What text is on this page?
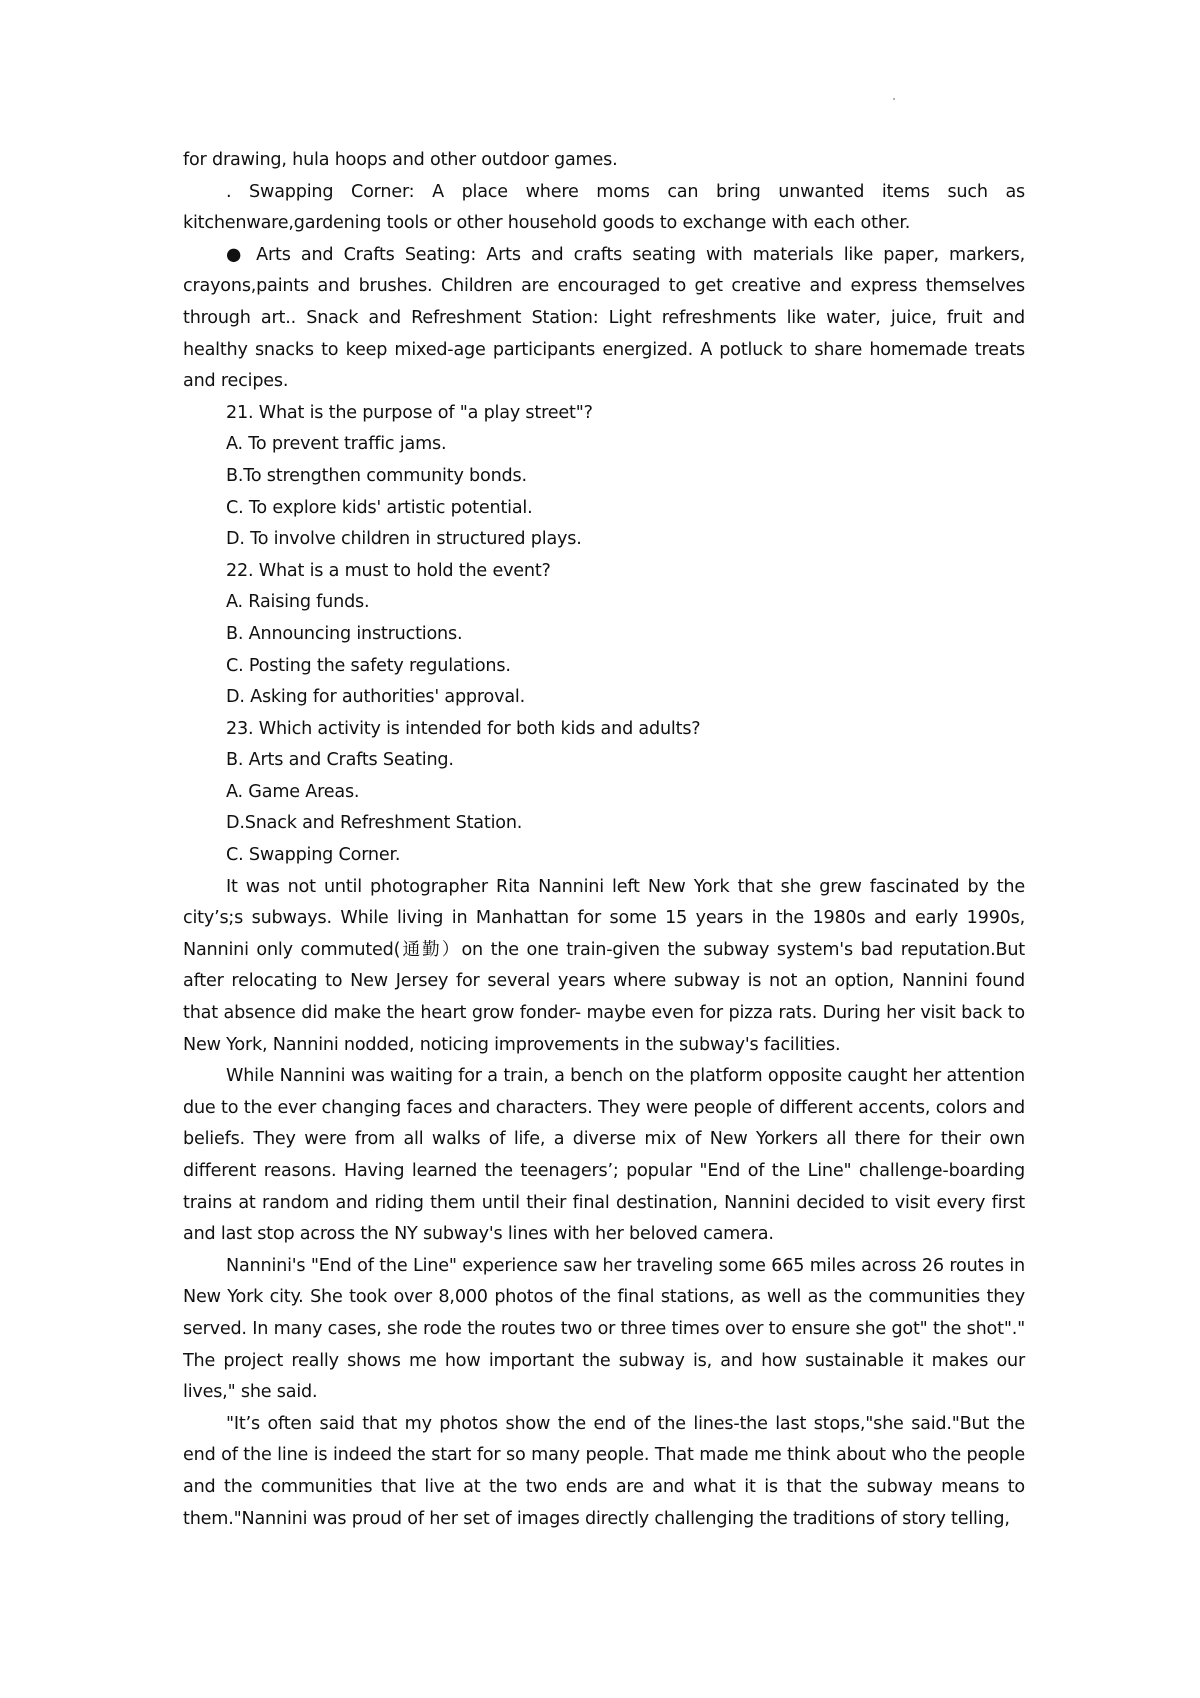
for drawing, hula hoops and other outdoor games.

. Swapping Corner: A place where moms can bring unwanted items such as kitchenware,gardening tools or other household goods to exchange with each other.

● Arts and Crafts Seating: Arts and crafts seating with materials like paper, markers, crayons,paints and brushes. Children are encouraged to get creative and express themselves through art.. Snack and Refreshment Station: Light refreshments like water, juice, fruit and healthy snacks to keep mixed-age participants energized. A potluck to share homemade treats and recipes.

21. What is the purpose of "a play street"?

A. To prevent traffic jams.

B.To strengthen community bonds.

C. To explore kids' artistic potential.

D. To involve children in structured plays.

22. What is a must to hold the event?

A. Raising funds.

B. Announcing instructions.

C. Posting the safety regulations.

D. Asking for authorities' approval.

23. Which activity is intended for both kids and adults?

B. Arts and Crafts Seating.

A. Game Areas.

D.Snack and Refreshment Station.

C. Swapping Corner.

It was not until photographer Rita Nannini left New York that she grew fascinated by the city’s;s subways. While living in Manhattan for some 15 years in the 1980s and early 1990s, Nannini only commuted(通勤）on the one train-given the subway system's bad reputation.But after relocating to New Jersey for several years where subway is not an option, Nannini found that absence did make the heart grow fonder- maybe even for pizza rats. During her visit back to New York, Nannini nodded, noticing improvements in the subway's facilities.

While Nannini was waiting for a train, a bench on the platform opposite caught her attention due to the ever changing faces and characters. They were people of different accents, colors and beliefs. They were from all walks of life, a diverse mix of New Yorkers all there for their own different reasons. Having learned the teenagers’; popular "End of the Line" challenge-boarding trains at random and riding them until their final destination, Nannini decided to visit every first and last stop across the NY subway's lines with her beloved camera.

Nannini's "End of the Line" experience saw her traveling some 665 miles across 26 routes in New York city. She took over 8,000 photos of the final stations, as well as the communities they served. In many cases, she rode the routes two or three times over to ensure she got" the shot"." The project really shows me how important the subway is, and how sustainable it makes our lives," she said.

"It’s often said that my photos show the end of the lines-the last stops,"she said."But the end of the line is indeed the start for so many people. That made me think about who the people and the communities that live at the two ends are and what it is that the subway means to them."Nannini was proud of her set of images directly challenging the traditions of story telling,
